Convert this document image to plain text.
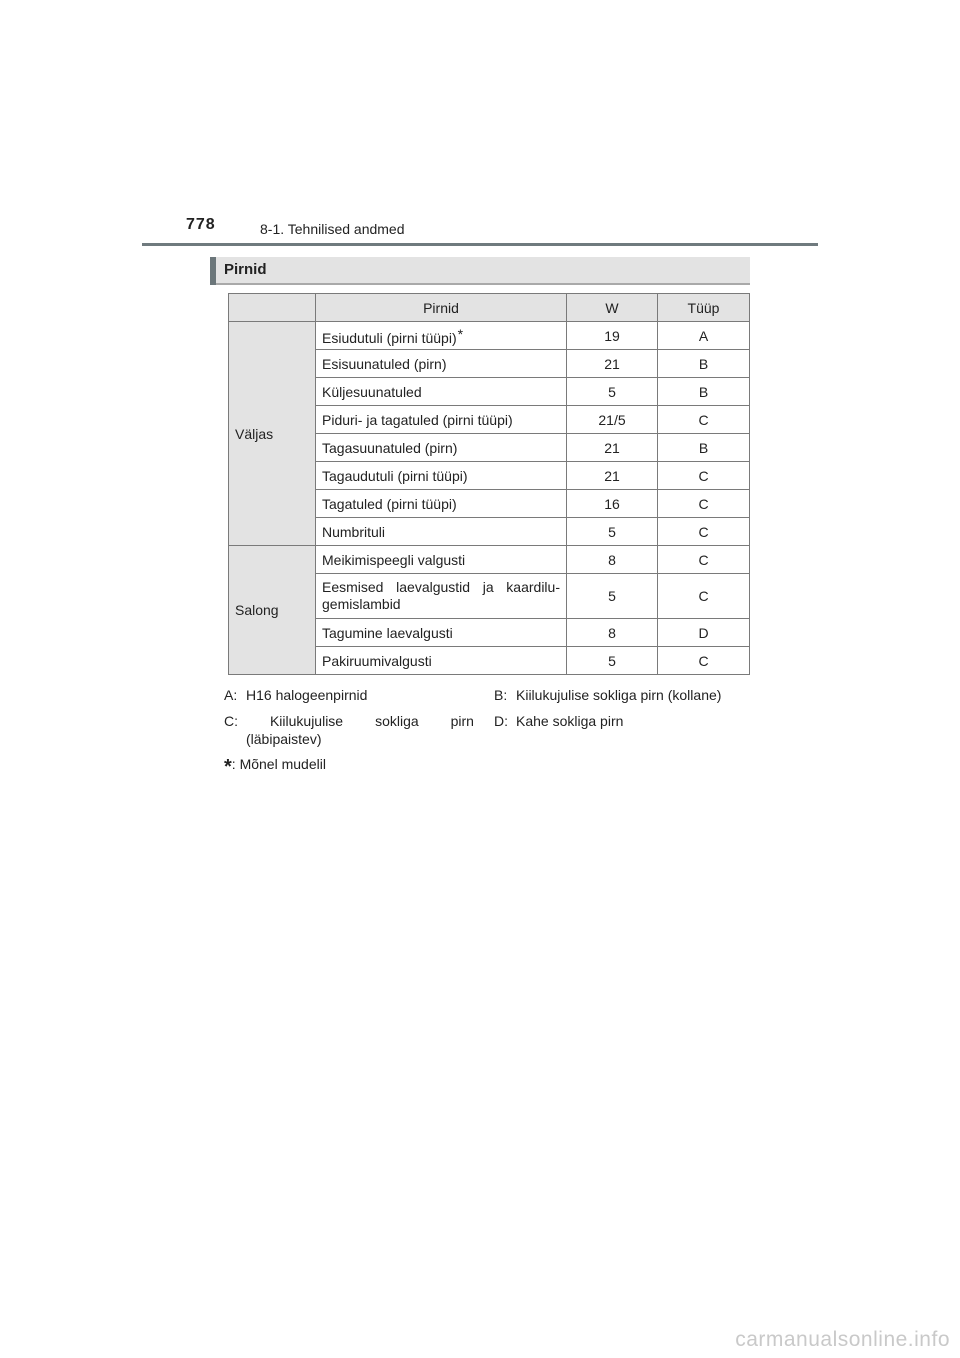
778	8-1. Tehnilised andmed
Pirnid
	Pirnid	W	Tüüp
Väljas	Esiudutuli (pirni tüüpi)*	19	A
	Esisuunatuled (pirn)	21	B
	Küljesuunatuled	5	B
	Piduri- ja tagatuled (pirni tüüpi)	21/5	C
	Tagasuunatuled (pirn)	21	B
	Tagaudutuli (pirni tüüpi)	21	C
	Tagatuled (pirni tüüpi)	16	C
	Numbrituli	5	C
Salong	Meikimispeegli valgusti	8	C

	Eesmised laevalgustid ja kaardilu-gemislambid	5	C
	Tagumine laevalgusti	8	D
	Pakiruumivalgusti	5	C
A: H16 halogeenpirnid	B: Kiilukujulise sokliga pirn (kollane)
C: Kiilukujulise sokliga pirn
(läbipaistev)
D: Kahe sokliga pirn
*: Mõnel mudelil
carmanualsonline.info
